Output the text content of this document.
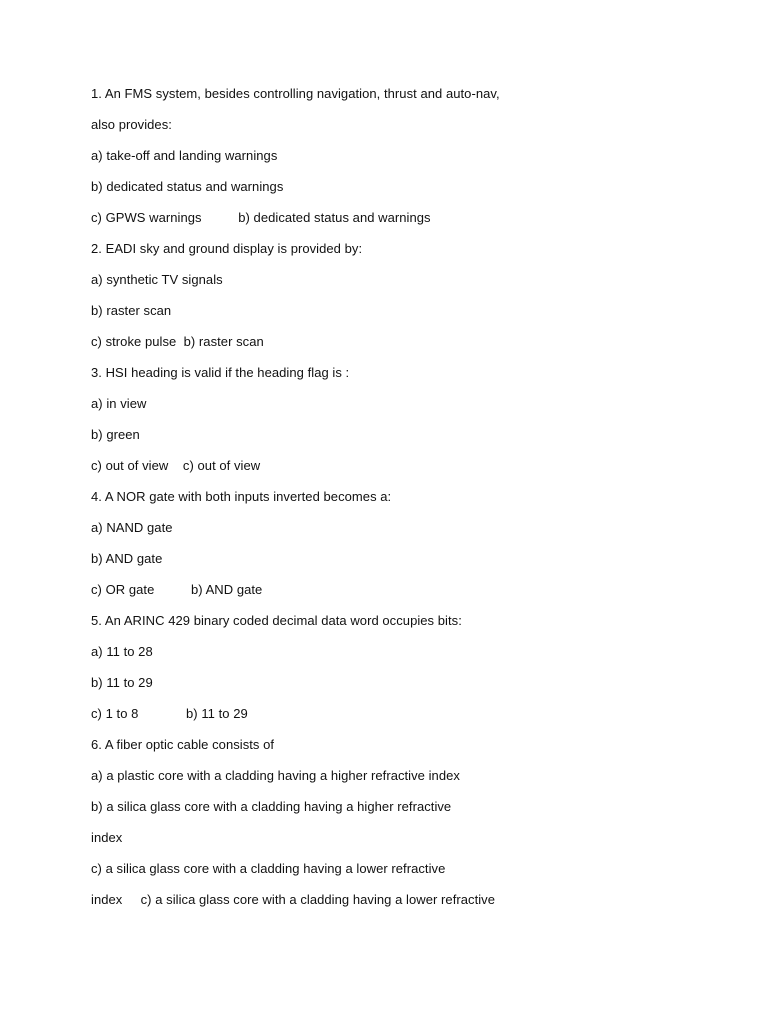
1. An FMS system, besides controlling navigation, thrust and auto-nav,
also provides:
a) take-off and landing warnings
b) dedicated status and warnings
c) GPWS warnings          b) dedicated status and warnings
2. EADI sky and ground display is provided by:
a) synthetic TV signals
b) raster scan
c) stroke pulse  b) raster scan
3. HSI heading is valid if the heading flag is :
a) in view
b) green
c) out of view    c) out of view
4. A NOR gate with both inputs inverted becomes a:
a) NAND gate
b) AND gate
c) OR gate          b) AND gate
5. An ARINC 429 binary coded decimal data word occupies bits:
a) 11 to 28
b) 11 to 29
c) 1 to 8             b) 11 to 29
6. A fiber optic cable consists of
a) a plastic core with a cladding having a higher refractive index
b) a silica glass core with a cladding having a higher refractive
index
c) a silica glass core with a cladding having a lower refractive
index     c) a silica glass core with a cladding having a lower refractive
